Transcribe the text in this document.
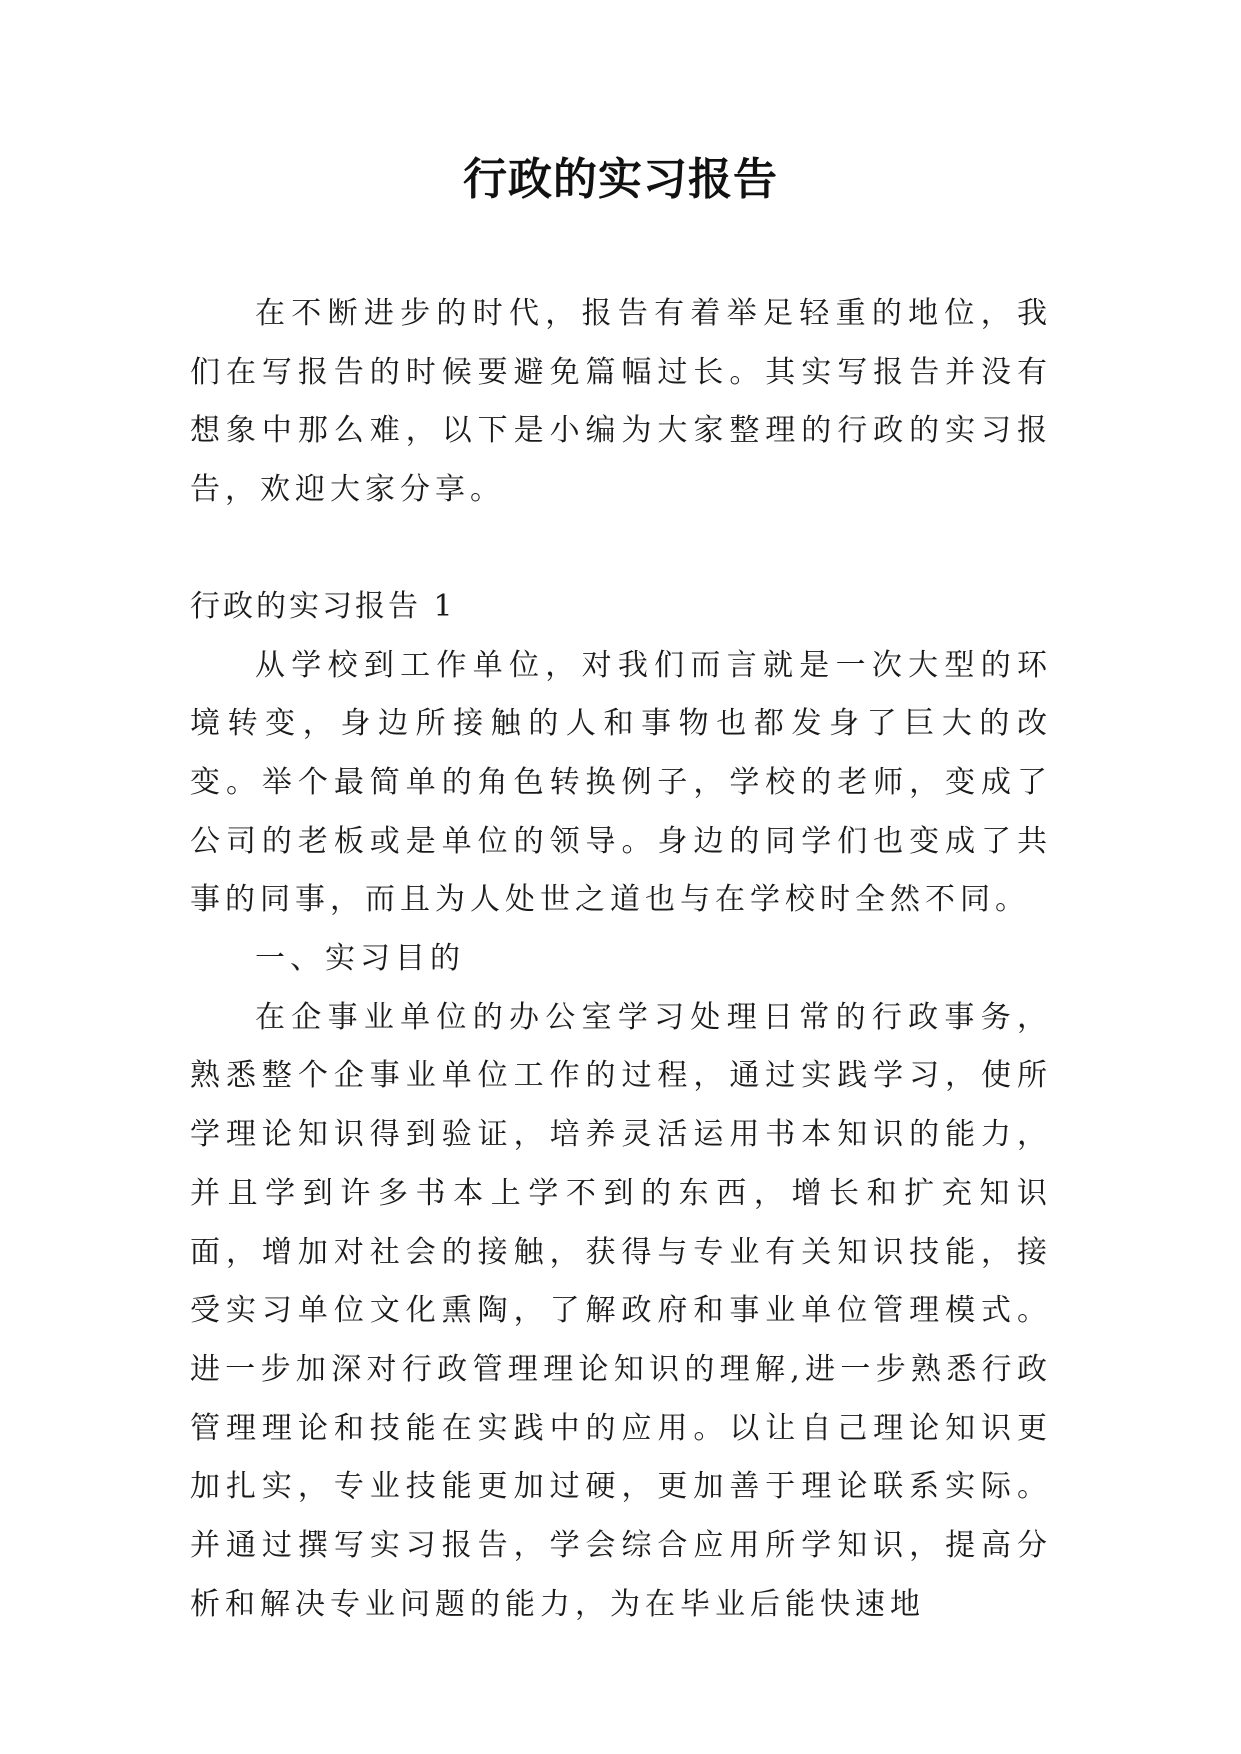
行政的实习报告

在不断进步的时代，报告有着举足轻重的地位，我们在写报告的时候要避免篇幅过长。其实写报告并没有想象中那么难，以下是小编为大家整理的行政的实习报告，欢迎大家分享。

行政的实习报告 1

从学校到工作单位，对我们而言就是一次大型的环境转变，身边所接触的人和事物也都发身了巨大的改变。举个最简单的角色转换例子，学校的老师，变成了公司的老板或是单位的领导。身边的同学们也变成了共事的同事，而且为人处世之道也与在学校时全然不同。

一、实习目的

在企事业单位的办公室学习处理日常的行政事务，熟悉整个企事业单位工作的过程，通过实践学习，使所学理论知识得到验证，培养灵活运用书本知识的能力，并且学到许多书本上学不到的东西，增长和扩充知识面，增加对社会的接触，获得与专业有关知识技能，接受实习单位文化熏陶，了解政府和事业单位管理模式。进一步加深对行政管理理论知识的理解,进一步熟悉行政管理理论和技能在实践中的应用。以让自己理论知识更加扎实，专业技能更加过硬，更加善于理论联系实际。并通过撰写实习报告，学会综合应用所学知识，提高分析和解决专业问题的能力，为在毕业后能快速地
